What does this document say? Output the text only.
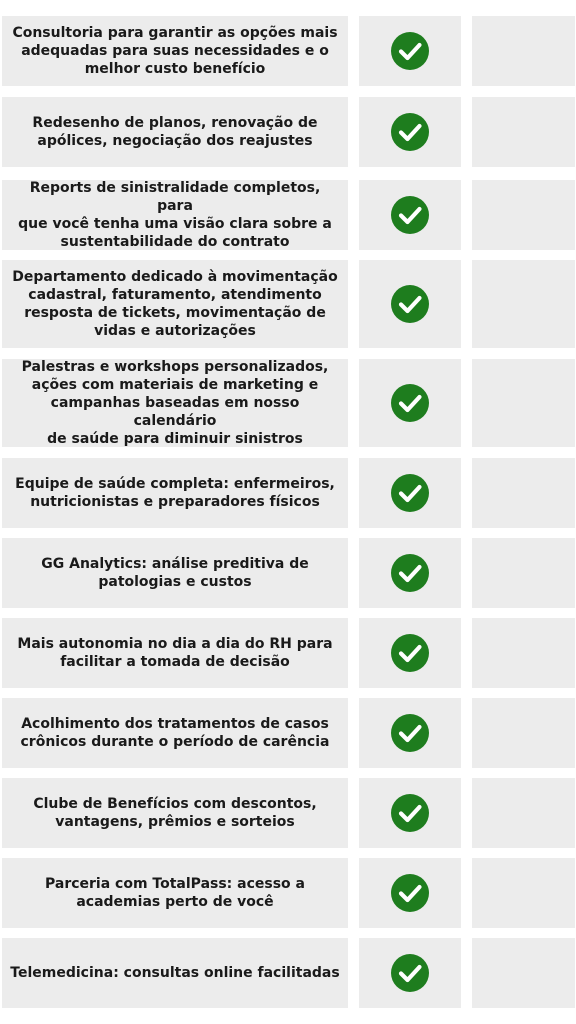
Consultoria para garantir as opções mais
adequadas para suas necessidades e o
melhor custo benefício
Redesenho de planos, renovação de
apólices, negociação dos reajustes
Reports de sinistralidade completos, para
que você tenha uma visão clara sobre a
sustentabilidade do contrato
Departamento dedicado à movimentação
cadastral, faturamento, atendimento
resposta de tickets, movimentação de
vidas e autorizações
Palestras e workshops personalizados,
ações com materiais de marketing e
campanhas baseadas em nosso calendário
de saúde para diminuir sinistros
Equipe de saúde completa: enfermeiros,
nutricionistas e preparadores físicos
GG Analytics: análise preditiva de
patologias e custos
Mais autonomia no dia a dia do RH para
facilitar a tomada de decisão
Acolhimento dos tratamentos de casos
crônicos durante o período de carência
Clube de Benefícios com descontos,
vantagens, prêmios e sorteios
Parceria com TotalPass: acesso a
academias perto de você
Telemedicina: consultas online facilitadas
